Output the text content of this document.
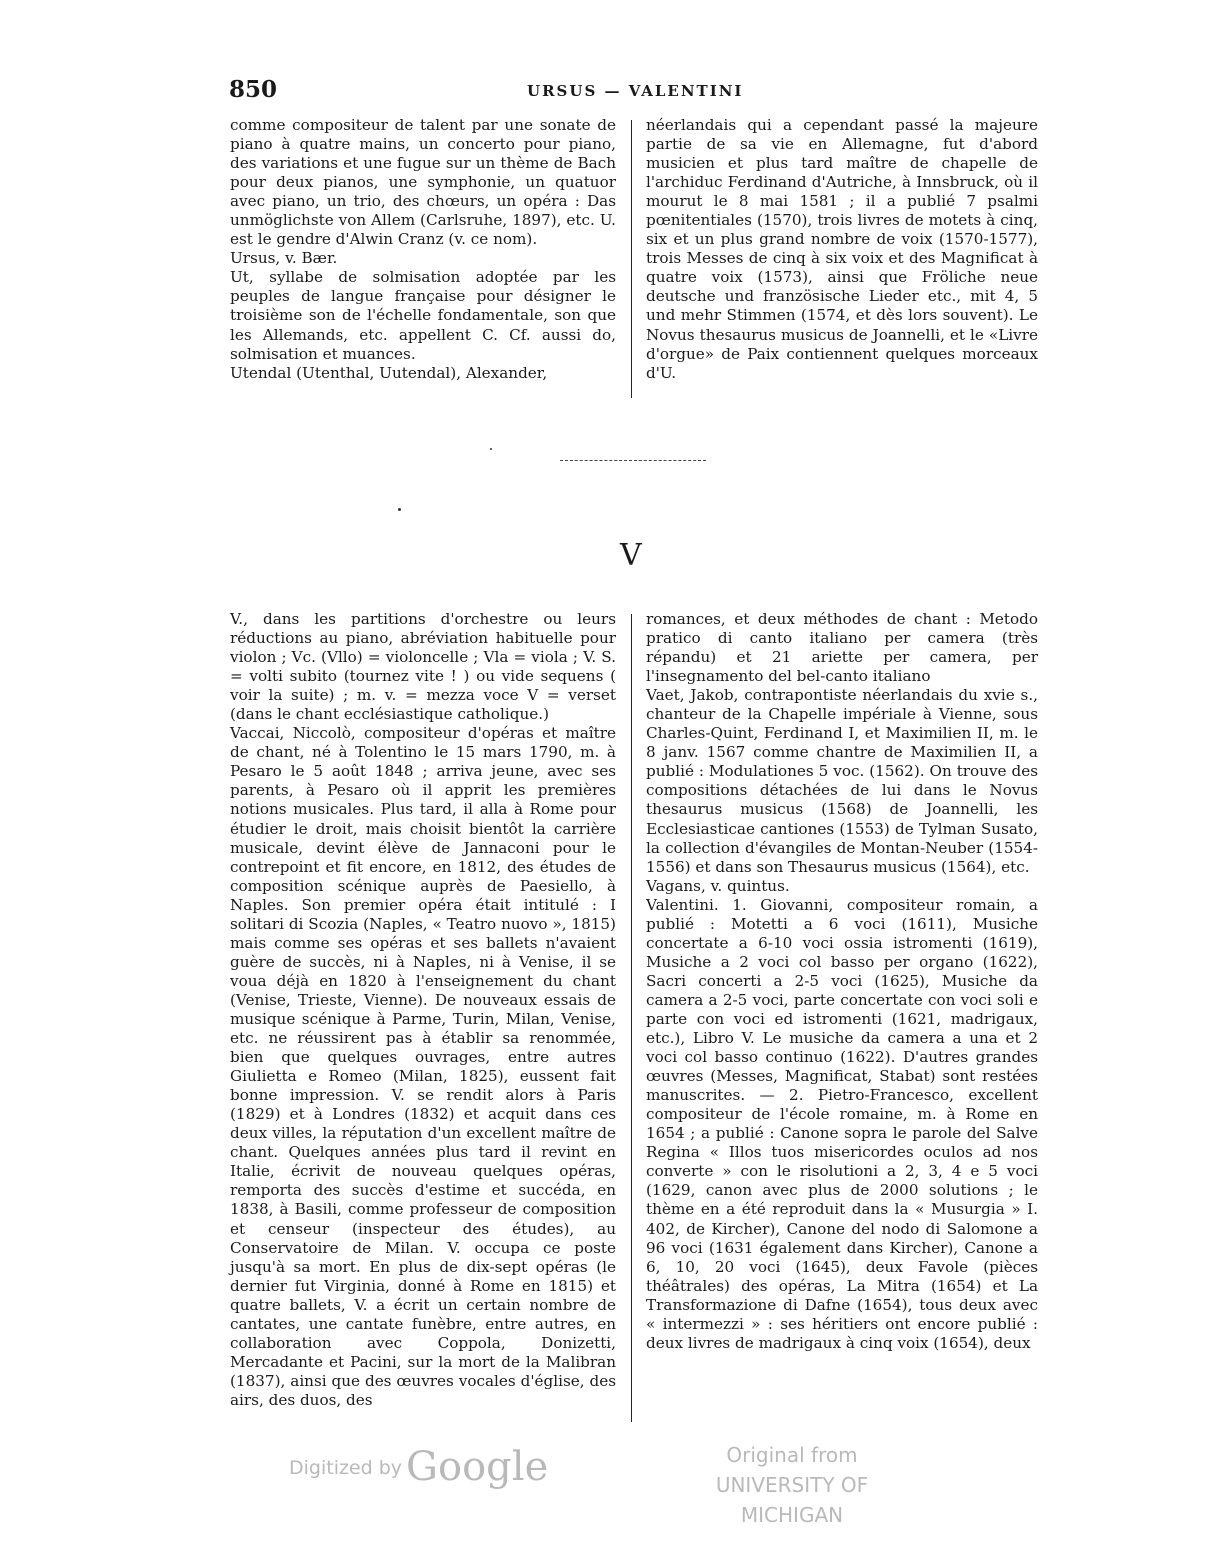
850	URSUS — VALENTINI

comme compositeur de talent par une sonate de piano à quatre mains, un concerto pour piano, des variations et une fugue sur un thème de Bach pour deux pianos, une symphonie, un quatuor avec piano, un trio, des chœurs, un opéra : Das unmöglichste von Allem (Carlsruhe, 1897), etc. U. est le gendre d'Alwin Cranz (v. ce nom).

Ursus, v. Bær.

Ut, syllabe de solmisation adoptée par les peuples de langue française pour désigner le troisième son de l'échelle fondamentale, son que les Allemands, etc. appellent C. Cf. aussi do, solmisation et muances.

Utendal (Utenthal, Uutendal), Alexander,

néerlandais qui a cependant passé la majeure partie de sa vie en Allemagne, fut d'abord musicien et plus tard maître de chapelle de l'archiduc Ferdinand d'Autriche, à Innsbruck, où il mourut le 8 mai 1581 ; il a publié 7 psalmi pœnitentiales (1570), trois livres de motets à cinq, six et un plus grand nombre de voix (1570-1577), trois Messes de cinq à six voix et des Magnificat à quatre voix (1573), ainsi que Fröliche neue deutsche und französische Lieder etc., mit 4, 5 und mehr Stimmen (1574, et dès lors souvent). Le Novus thesaurus musicus de Joannelli, et le «Livre d'orgue» de Paix contiennent quelques morceaux d'U.

V

V., dans les partitions d'orchestre ou leurs réductions au piano, abréviation habituelle pour violon ; Vc. (Vllo) = violoncelle ; Vla = viola ; V. S. = volti subito (tournez vite ! ) ou vide sequens ( voir la suite) ; m. v. = mezza voce V = verset (dans le chant ecclésiastique catholique.)

Vaccai, Niccolò, compositeur d'opéras et maître de chant, né à Tolentino le 15 mars 1790, m. à Pesaro le 5 août 1848 ; arriva jeune, avec ses parents, à Pesaro où il apprit les premières notions musicales. Plus tard, il alla à Rome pour étudier le droit, mais choisit bientôt la carrière musicale, devint élève de Jannaconi pour le contrepoint et fit encore, en 1812, des études de composition scénique auprès de Paesiello, à Naples. Son premier opéra était intitulé : I solitari di Scozia (Naples, « Teatro nuovo », 1815) mais comme ses opéras et ses ballets n'avaient guère de succès, ni à Naples, ni à Venise, il se voua déjà en 1820 à l'enseignement du chant (Venise, Trieste, Vienne). De nouveaux essais de musique scénique à Parme, Turin, Milan, Venise, etc. ne réussirent pas à établir sa renommée, bien que quelques ouvrages, entre autres Giulietta e Romeo (Milan, 1825), eussent fait bonne impression. V. se rendit alors à Paris (1829) et à Londres (1832) et acquit dans ces deux villes, la réputation d'un excellent maître de chant. Quelques années plus tard il revint en Italie, écrivit de nouveau quelques opéras, remporta des succès d'estime et succéda, en 1838, à Basili, comme professeur de composition et censeur (inspecteur des études), au Conservatoire de Milan. V. occupa ce poste jusqu'à sa mort. En plus de dix-sept opéras (le dernier fut Virginia, donné à Rome en 1815) et quatre ballets, V. a écrit un certain nombre de cantates, une cantate funèbre, entre autres, en collaboration avec Coppola, Donizetti, Mercadante et Pacini, sur la mort de la Malibran (1837), ainsi que des œuvres vocales d'église, des airs, des duos, des

romances, et deux méthodes de chant : Metodo pratico di canto italiano per camera (très répandu) et 21 ariette per camera, per l'insegnamento del bel-canto italiano

Vaet, Jakob, contrapontiste néerlandais du xvie s., chanteur de la Chapelle impériale à Vienne, sous Charles-Quint, Ferdinand I, et Maximilien II, m. le 8 janv. 1567 comme chantre de Maximilien II, a publié : Modulationes 5 voc. (1562). On trouve des compositions détachées de lui dans le Novus thesaurus musicus (1568) de Joannelli, les Ecclesiasticae cantiones (1553) de Tylman Susato, la collection d'évangiles de Montan-Neuber (1554-1556) et dans son Thesaurus musicus (1564), etc.

Vagans, v. quintus.

Valentini. 1. Giovanni, compositeur romain, a publié : Motetti a 6 voci (1611), Musiche concertate a 6-10 voci ossia istromenti (1619), Musiche a 2 voci col basso per organo (1622), Sacri concerti a 2-5 voci (1625), Musiche da camera a 2-5 voci, parte concertate con voci soli e parte con voci ed istromenti (1621, madrigaux, etc.), Libro V. Le musiche da camera a una et 2 voci col basso continuo (1622). D'autres grandes œuvres (Messes, Magnificat, Stabat) sont restées manuscrites. — 2. Pietro-Francesco, excellent compositeur de l'école romaine, m. à Rome en 1654 ; a publié : Canone sopra le parole del Salve Regina « Illos tuos misericordes oculos ad nos converte » con le risolutioni a 2, 3, 4 e 5 voci (1629, canon avec plus de 2000 solutions ; le thème en a été reproduit dans la « Musurgia » I. 402, de Kircher), Canone del nodo di Salomone a 96 voci (1631 également dans Kircher), Canone a 6, 10, 20 voci (1645), deux Favole (pièces théâtrales) des opéras, La Mitra (1654) et La Transformazione di Dafne (1654), tous deux avec « intermezzi » : ses héritiers ont encore publié : deux livres de madrigaux à cinq voix (1654), deux

Digitized by Google	Original from
UNIVERSITY OF MICHIGAN
